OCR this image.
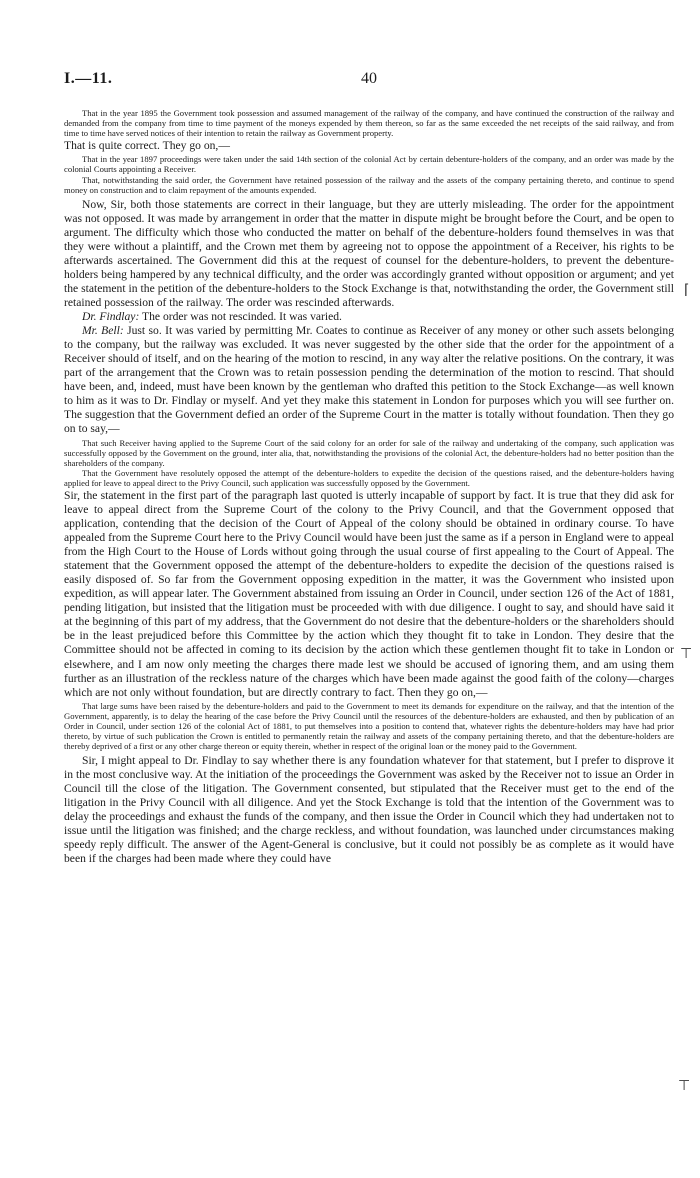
I.—11.	40

That in the year 1895 the Government took possession and assumed management of the railway of the company, and have continued the construction of the railway and demanded from the company from time to time payment of the moneys expended by them thereon, so far as the same exceeded the net receipts of the said railway, and from time to time have served notices of their intention to retain the railway as Government property.

That is quite correct. They go on,—

That in the year 1897 proceedings were taken under the said 14th section of the colonial Act by certain debenture-holders of the company, and an order was made by the colonial Courts appointing a Receiver.

That, notwithstanding the said order, the Government have retained possession of the railway and the assets of the company pertaining thereto, and continue to spend money on construction and to claim repayment of the amounts expended.

Now, Sir, both those statements are correct in their language, but they are utterly misleading. The order for the appointment was not opposed. It was made by arrangement in order that the matter in dispute might be brought before the Court, and be open to argument. The difficulty which those who conducted the matter on behalf of the debenture-holders found themselves in was that they were without a plaintiff, and the Crown met them by agreeing not to oppose the appointment of a Receiver, his rights to be afterwards ascertained. The Government did this at the request of counsel for the debenture-holders, to prevent the debenture-holders being hampered by any technical difficulty, and the order was accordingly granted without opposition or argument; and yet the statement in the petition of the debenture-holders to the Stock Exchange is that, notwithstanding the order, the Government still retained possession of the railway. The order was rescinded afterwards.

Dr. Findlay: The order was not rescinded. It was varied.

Mr. Bell: Just so. It was varied by permitting Mr. Coates to continue as Receiver of any money or other such assets belonging to the company, but the railway was excluded. It was never suggested by the other side that the order for the appointment of a Receiver should of itself, and on the hearing of the motion to rescind, in any way alter the relative positions. On the contrary, it was part of the arrangement that the Crown was to retain possession pending the determination of the motion to rescind. That should have been, and, indeed, must have been known by the gentleman who drafted this petition to the Stock Exchange—as well known to him as it was to Dr. Findlay or myself. And yet they make this statement in London for purposes which you will see further on. The suggestion that the Government defied an order of the Supreme Court in the matter is totally without foundation. Then they go on to say,—

That such Receiver having applied to the Supreme Court of the said colony for an order for sale of the railway and undertaking of the company, such application was successfully opposed by the Government on the ground, inter alia, that, notwithstanding the provisions of the colonial Act, the debenture-holders had no better position than the shareholders of the company.

That the Government have resolutely opposed the attempt of the debenture-holders to expedite the decision of the questions raised, and the debenture-holders having applied for leave to appeal direct to the Privy Council, such application was successfully opposed by the Government.

Sir, the statement in the first part of the paragraph last quoted is utterly incapable of support by fact. It is true that they did ask for leave to appeal direct from the Supreme Court of the colony to the Privy Council, and that the Government opposed that application, contending that the decision of the Court of Appeal of the colony should be obtained in ordinary course. To have appealed from the Supreme Court here to the Privy Council would have been just the same as if a person in England were to appeal from the High Court to the House of Lords without going through the usual course of first appealing to the Court of Appeal. The statement that the Government opposed the attempt of the debenture-holders to expedite the decision of the questions raised is easily disposed of. So far from the Government opposing expedition in the matter, it was the Government who insisted upon expedition, as will appear later. The Government abstained from issuing an Order in Council, under section 126 of the Act of 1881, pending litigation, but insisted that the litigation must be proceeded with with due diligence. I ought to say, and should have said it at the beginning of this part of my address, that the Government do not desire that the debenture-holders or the shareholders should be in the least prejudiced before this Committee by the action which they thought fit to take in London. They desire that the Committee should not be affected in coming to its decision by the action which these gentlemen thought fit to take in London or elsewhere, and I am now only meeting the charges there made lest we should be accused of ignoring them, and am using them further as an illustration of the reckless nature of the charges which have been made against the good faith of the colony—charges which are not only without foundation, but are directly contrary to fact. Then they go on,—

That large sums have been raised by the debenture-holders and paid to the Government to meet its demands for expenditure on the railway, and that the intention of the Government, apparently, is to delay the hearing of the case before the Privy Council until the resources of the debenture-holders are exhausted, and then by publication of an Order in Council, under section 126 of the colonial Act of 1881, to put themselves into a position to contend that, whatever rights the debenture-holders may have had prior thereto, by virtue of such publication the Crown is entitled to permanently retain the railway and assets of the company pertaining thereto, and that the debenture-holders are thereby deprived of a first or any other charge thereon or equity therein, whether in respect of the original loan or the money paid to the Government.

Sir, I might appeal to Dr. Findlay to say whether there is any foundation whatever for that statement, but I prefer to disprove it in the most conclusive way. At the initiation of the proceedings the Government was asked by the Receiver not to issue an Order in Council till the close of the litigation. The Government consented, but stipulated that the Receiver must get to the end of the litigation in the Privy Council with all diligence. And yet the Stock Exchange is told that the intention of the Government was to delay the proceedings and exhaust the funds of the company, and then issue the Order in Council which they had undertaken not to issue until the litigation was finished; and the charge reckless, and without foundation, was launched under circumstances making speedy reply difficult. The answer of the Agent-General is conclusive, but it could not possibly be as complete as it would have been if the charges had been made where they could have

⌈
⊤
⊤
